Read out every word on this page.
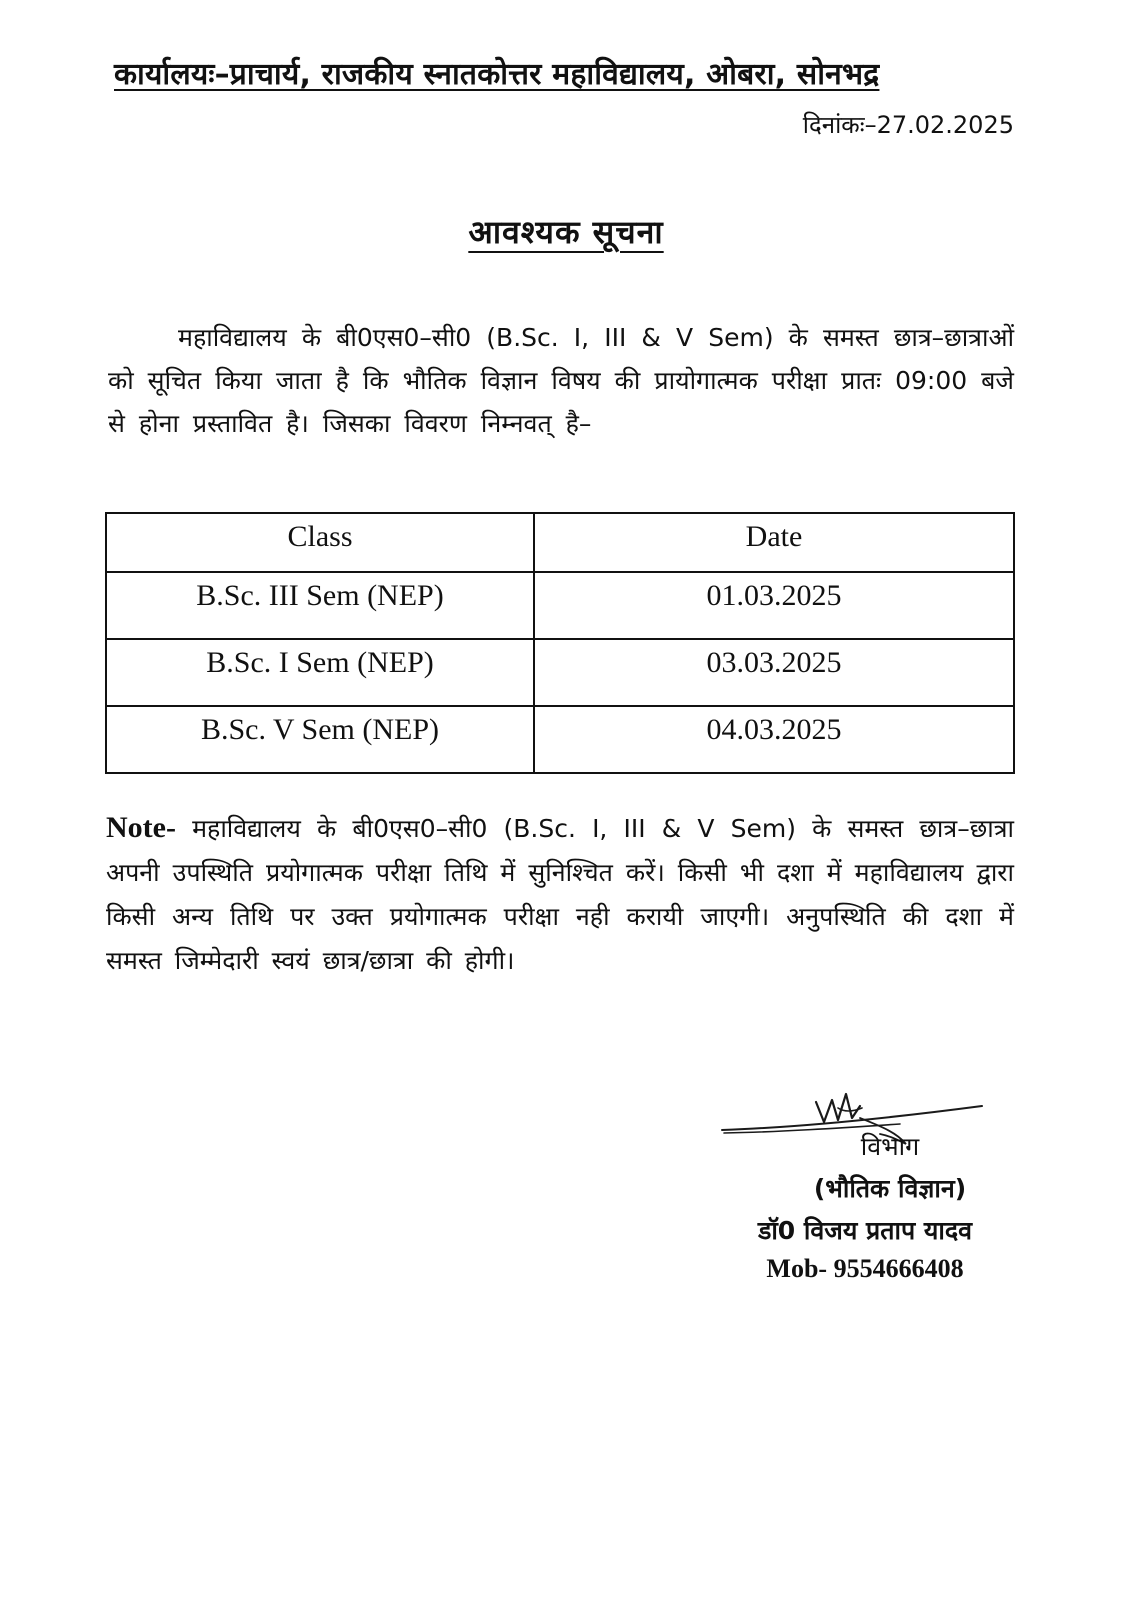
कार्यालयः–प्राचार्य, राजकीय स्नातकोत्तर महाविद्यालय, ओबरा, सोनभद्र
दिनांकः–27.02.2025
आवश्यक सूचना
महाविद्यालय के बी0एस0–सी0 (B.Sc. I, III & V Sem) के समस्त छात्र–छात्राओं को सूचित किया जाता है कि भौतिक विज्ञान विषय की प्रायोगात्मक परीक्षा प्रातः 09:00 बजे से होना प्रस्तावित है। जिसका विवरण निम्नवत् है–
Class	Date
B.Sc. III Sem (NEP)	01.03.2025
B.Sc. I Sem (NEP)	03.03.2025
B.Sc. V Sem (NEP)	04.03.2025
Note- महाविद्यालय के बी0एस0–सी0 (B.Sc. I, III & V Sem) के समस्त छात्र–छात्रा अपनी उपस्थिति प्रयोगात्मक परीक्षा तिथि में सुनिश्चित करें। किसी भी दशा में महाविद्यालय द्वारा किसी अन्य तिथि पर उक्त प्रयोगात्मक परीक्षा नही करायी जाएगी। अनुपस्थिति की दशा में समस्त जिम्मेदारी स्वयं छात्र/छात्रा की होगी।
विभाग
(भौतिक विज्ञान)
डॉ0 विजय प्रताप यादव
Mob- 9554666408
